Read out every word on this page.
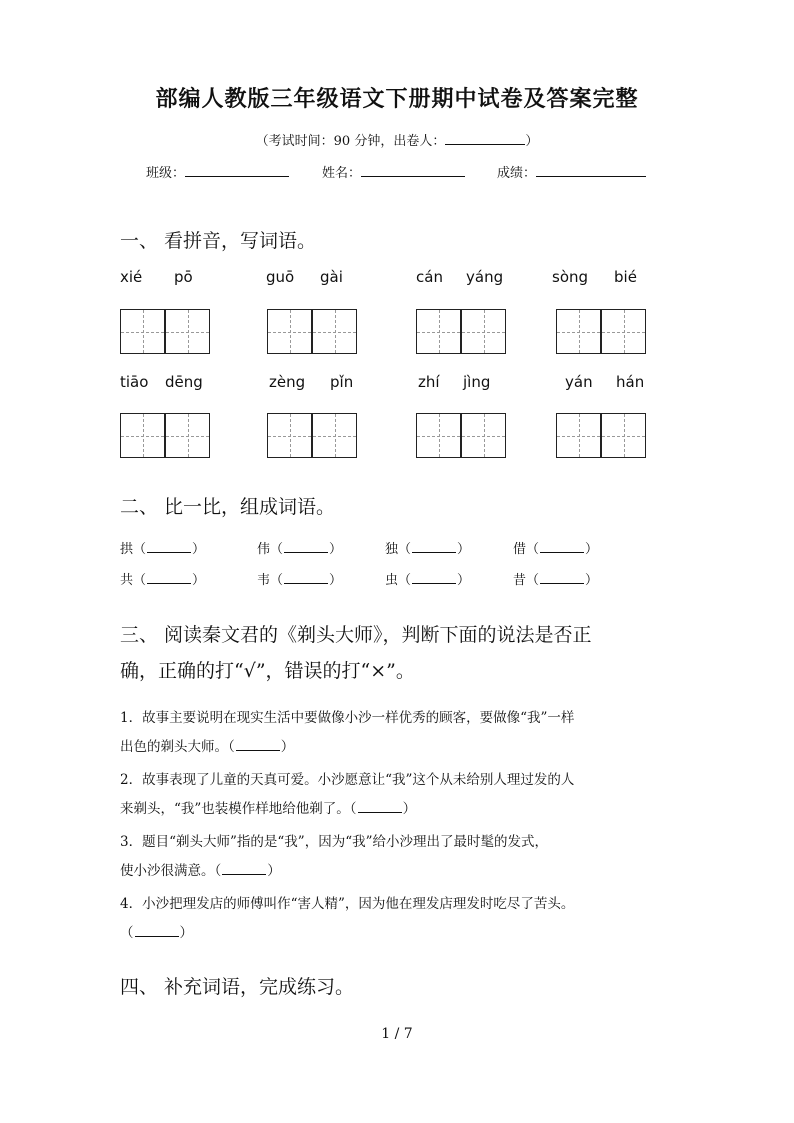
部编人教版三年级语文下册期中试卷及答案完整
（考试时间：90 分钟，出卷人：	）
班级：	姓名：	成绩：
一、 看拼音，写词语。
xié pō	guō gài	cán yáng	sòng bié
tiāo dēng	zèng pǐn	zhí jìng	yán hán
二、 比一比，组成词语。
拱（	）	伟（	）	独（	）	借（	）
共（	）	韦（	）	虫（	）	昔（	）
三、 阅读秦文君的《剃头大师》，判断下面的说法是否正
确，正确的打“√”，错误的打“×”。
1．故事主要说明在现实生活中要做像小沙一样优秀的顾客，要做像“我”一样
出色的剃头大师。（	）
2．故事表现了儿童的天真可爱。小沙愿意让“我”这个从未给别人理过发的人
来剃头，“我”也装模作样地给他剃了。（	）
3．题目“剃头大师”指的是“我”，因为“我”给小沙理出了最时髦的发式，
使小沙很满意。（	）
4．小沙把理发店的师傅叫作“害人精”，因为他在理发店理发时吃尽了苦头。
（	）
四、 补充词语，完成练习。
1 / 7
